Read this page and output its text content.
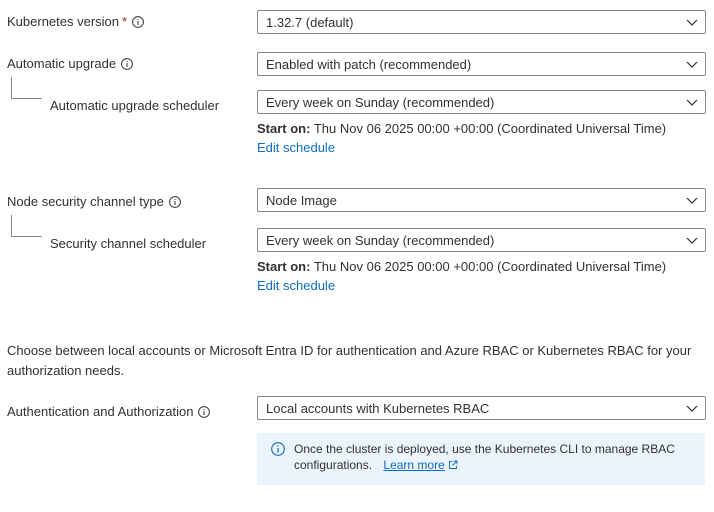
Kubernetes version *	1.32.7 (default)
Automatic upgrade	Enabled with patch (recommended)
Automatic upgrade scheduler	Every week on Sunday (recommended)
Start on: Thu Nov 06 2025 00:00 +00:00 (Coordinated Universal Time)
Edit schedule
Node security channel type	Node Image
Security channel scheduler	Every week on Sunday (recommended)
Start on: Thu Nov 06 2025 00:00 +00:00 (Coordinated Universal Time)
Edit schedule
Choose between local accounts or Microsoft Entra ID for authentication and Azure RBAC or Kubernetes RBAC for your authorization needs.
Authentication and Authorization	Local accounts with Kubernetes RBAC
Once the cluster is deployed, use the Kubernetes CLI to manage RBAC configurations. Learn more
